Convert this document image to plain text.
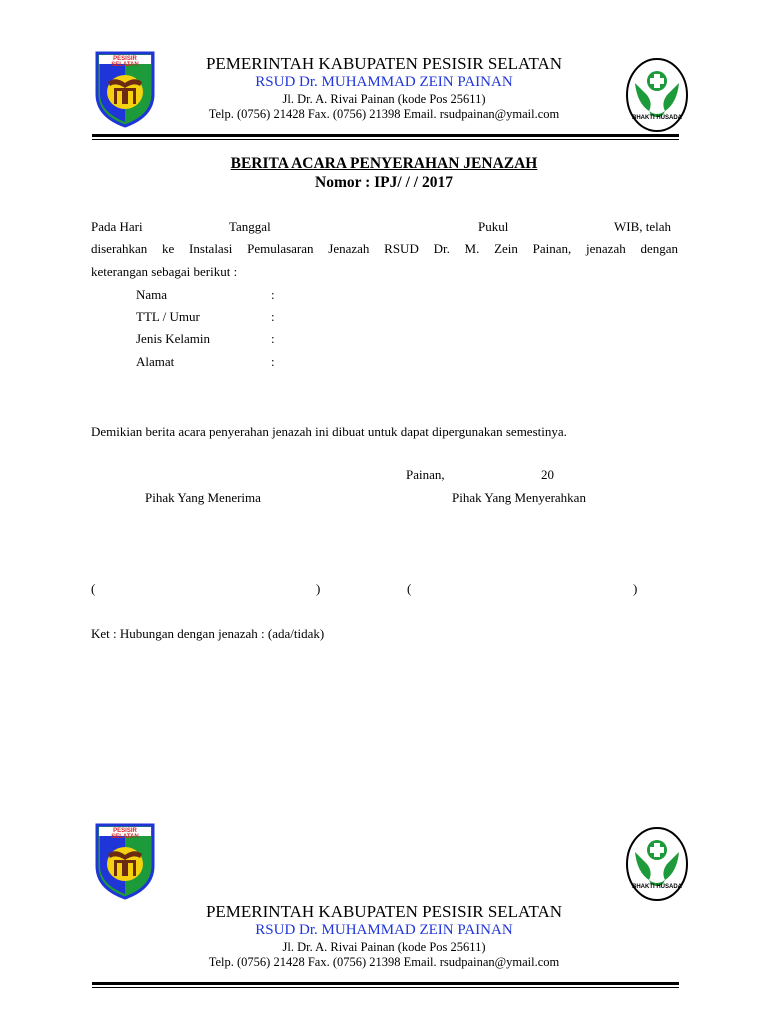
PESISIR SELATAN
BHAKTI HUSADA
PEMERINTAH KABUPATEN PESISIR SELATAN
RSUD Dr. MUHAMMAD ZEIN PAINAN
Jl. Dr. A. Rivai Painan (kode Pos 25611)
Telp. (0756) 21428 Fax. (0756) 21398 Email. rsudpainan@ymail.com
BERITA ACARA PENYERAHAN JENAZAH
Nomor : IPJ/ / / 2017
Pada Hari	Tanggal	Pukul	WIB, telah
diserahkan ke Instalasi Pemulasaran Jenazah RSUD Dr. M. Zein Painan, jenazah dengan
keterangan sebagai berikut :
Nama	:
TTL / Umur	:
Jenis Kelamin	:
Alamat	:
Demikian berita acara penyerahan jenazah ini dibuat untuk dapat dipergunakan semestinya.
Painan,	20
Pihak Yang Menerima	Pihak Yang Menyerahkan
(	)	(	)
Ket : Hubungan dengan jenazah : (ada/tidak)
PESISIR SELATAN
BHAKTI HUSADA
PEMERINTAH KABUPATEN PESISIR SELATAN
RSUD Dr. MUHAMMAD ZEIN PAINAN
Jl. Dr. A. Rivai Painan (kode Pos 25611)
Telp. (0756) 21428 Fax. (0756) 21398 Email. rsudpainan@ymail.com
